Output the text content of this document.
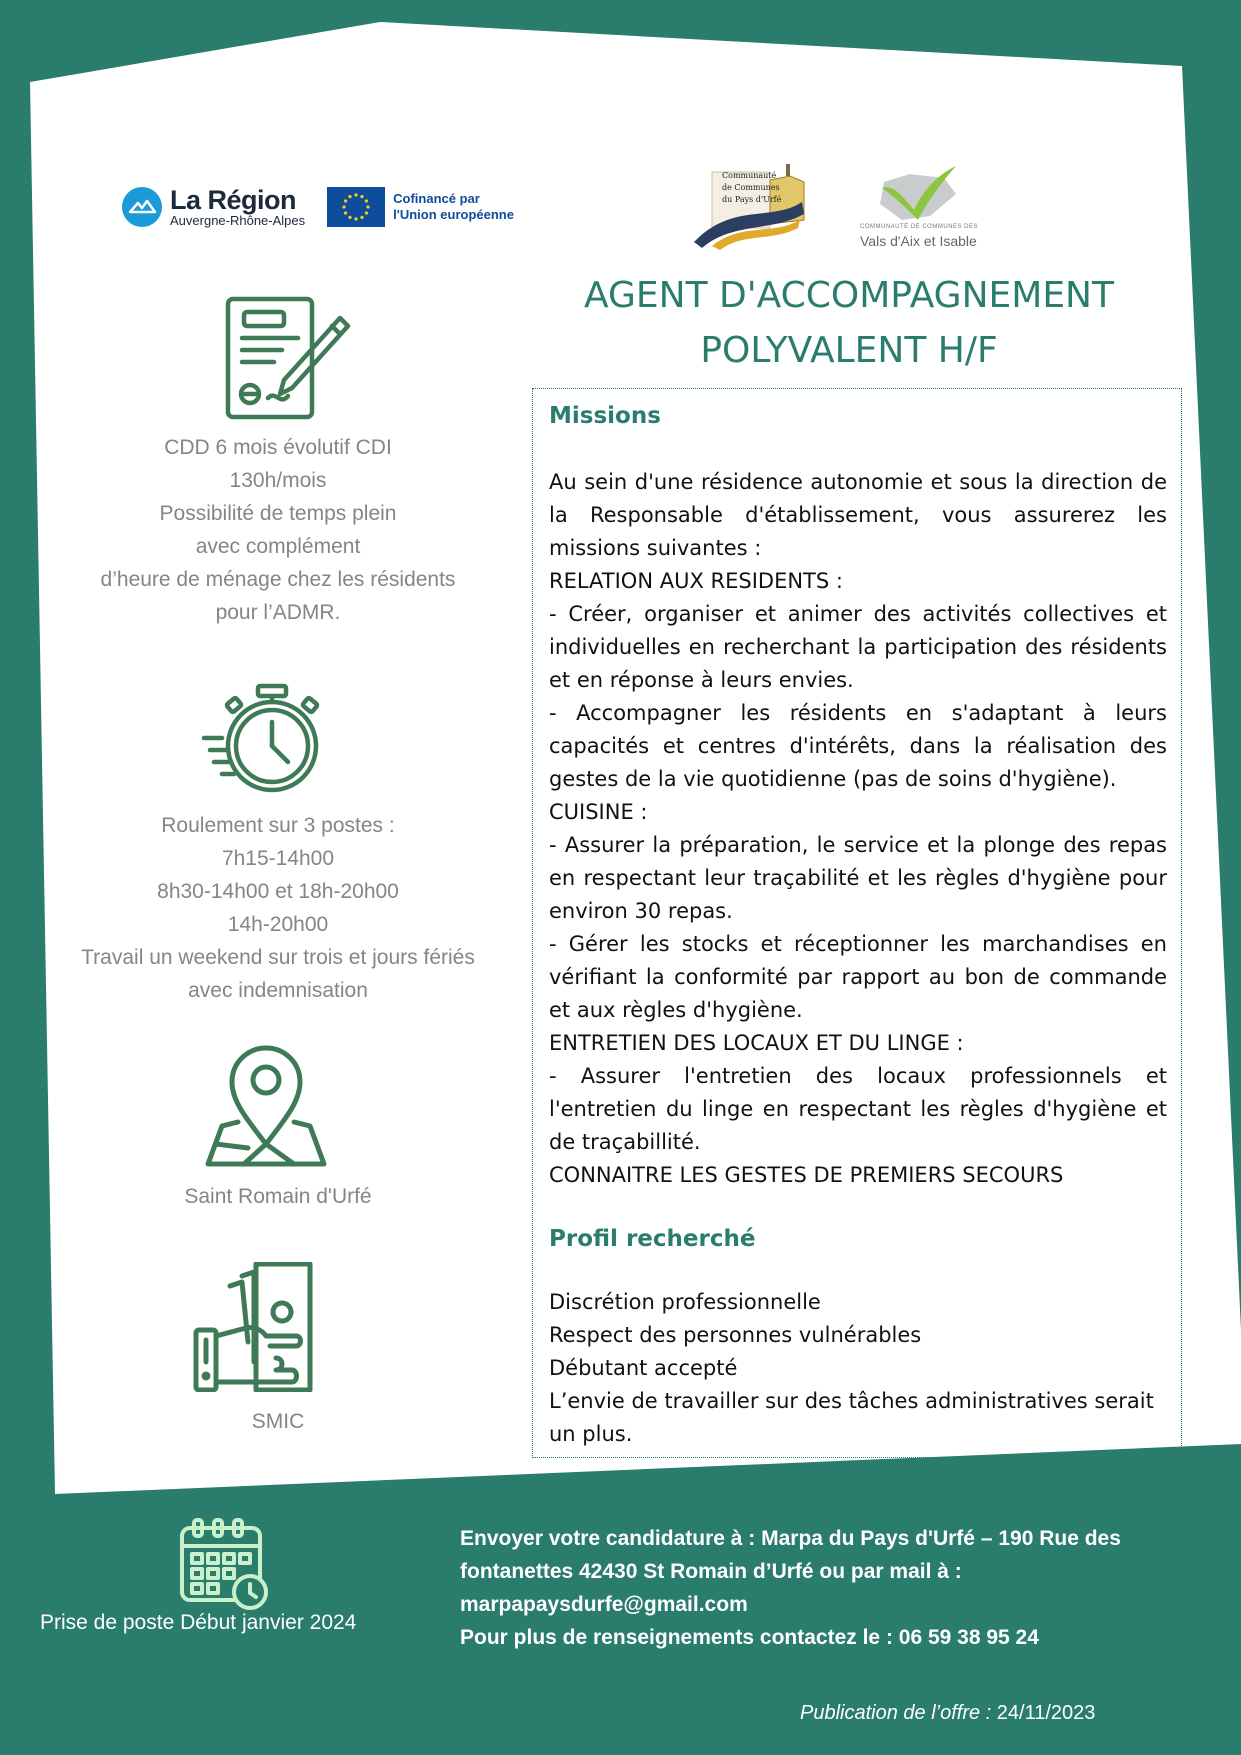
La Région
Auvergne-Rhône-Alpes
Cofinancé par
l'Union européenne
Communauté
de Communes
du Pays d'Urfé
COMMUNAUTÉ DE COMMUNES DES
Vals d'Aix et Isable
AGENT D'ACCOMPAGNEMENT
POLYVALENT H/F
CDD 6 mois évolutif CDI
130h/mois
Possibilité de temps plein
avec complément
d’heure de ménage chez les résidents
pour l’ADMR.
Roulement sur 3 postes :
7h15-14h00
8h30-14h00 et 18h-20h00
14h-20h00
Travail un weekend sur trois et jours fériés
avec indemnisation
Saint Romain d'Urfé
SMIC
Missions

Au sein d'une résidence autonomie et sous la direction de la Responsable d'établissement, vous assurerez les missions suivantes :

RELATION AUX RESIDENTS :

- Créer, organiser et animer des activités collectives et individuelles en recherchant la participation des résidents et en réponse à leurs envies.

- Accompagner les résidents en s'adaptant à leurs capacités et centres d'intérêts, dans la réalisation des gestes de la vie quotidienne (pas de soins d'hygiène).

CUISINE :

- Assurer la préparation, le service et la plonge des repas en respectant leur traçabilité et les règles d'hygiène pour environ 30 repas.

- Gérer les stocks et réceptionner les marchandises en vérifiant la conformité par rapport au bon de commande et aux règles d'hygiène.

ENTRETIEN DES LOCAUX ET DU LINGE :

- Assurer l'entretien des locaux professionnels et l'entretien du linge en respectant les règles d'hygiène et de traçabillité.

CONNAITRE LES GESTES DE PREMIERS SECOURS

Profil recherché

Discrétion professionnelle

Respect des personnes vulnérables

Débutant accepté

L’envie de travailler sur des tâches administratives serait un plus.

Prise de poste Début janvier 2024
Envoyer votre candidature à : Marpa du Pays d'Urfé – 190 Rue des fontanettes 42430 St Romain d’Urfé ou par mail à : marpapaysdurfe@gmail.com
Pour plus de renseignements contactez le : 06 59 38 95 24
Publication de l’offre : 24/11/2023
